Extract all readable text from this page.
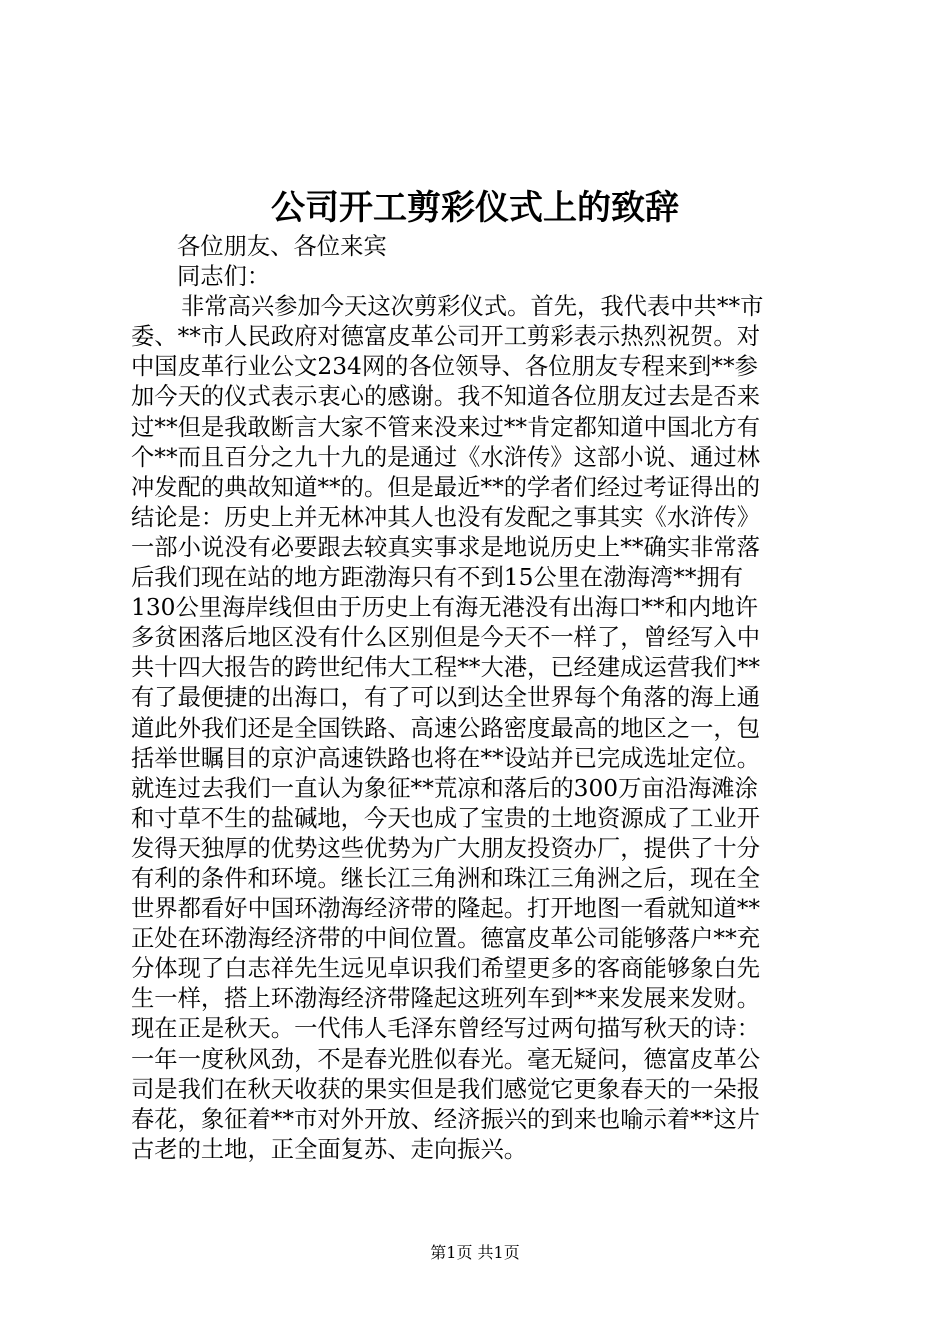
公司开工剪彩仪式上的致辞

各位朋友、各位来宾

同志们：

非常高兴参加今天这次剪彩仪式。首先，我代表中共**市

委、**市人民政府对德富皮革公司开工剪彩表示热烈祝贺。对

中国皮革行业公文234网的各位领导、各位朋友专程来到**参

加今天的仪式表示衷心的感谢。我不知道各位朋友过去是否来

过**但是我敢断言大家不管来没来过**肯定都知道中国北方有

个**而且百分之九十九的是通过《水浒传》这部小说、通过林

冲发配的典故知道**的。但是最近**的学者们经过考证得出的

结论是：历史上并无林冲其人也没有发配之事其实《水浒传》

一部小说没有必要跟去较真实事求是地说历史上**确实非常落

后我们现在站的地方距渤海只有不到15公里在渤海湾**拥有

130公里海岸线但由于历史上有海无港没有出海口**和内地许

多贫困落后地区没有什么区别但是今天不一样了，曾经写入中

共十四大报告的跨世纪伟大工程**大港，已经建成运营我们**

有了最便捷的出海口，有了可以到达全世界每个角落的海上通

道此外我们还是全国铁路、高速公路密度最高的地区之一，包

括举世瞩目的京沪高速铁路也将在**设站并已完成选址定位。

就连过去我们一直认为象征**荒凉和落后的300万亩沿海滩涂

和寸草不生的盐碱地，今天也成了宝贵的土地资源成了工业开

发得天独厚的优势这些优势为广大朋友投资办厂，提供了十分

有利的条件和环境。继长江三角洲和珠江三角洲之后，现在全

世界都看好中国环渤海经济带的隆起。打开地图一看就知道**

正处在环渤海经济带的中间位置。德富皮革公司能够落户**充

分体现了白志祥先生远见卓识我们希望更多的客商能够象白先

生一样，搭上环渤海经济带隆起这班列车到**来发展来发财。

现在正是秋天。一代伟人毛泽东曾经写过两句描写秋天的诗：

一年一度秋风劲，不是春光胜似春光。毫无疑问，德富皮革公

司是我们在秋天收获的果实但是我们感觉它更象春天的一朵报

春花，象征着**市对外开放、经济振兴的到来也喻示着**这片

古老的土地，正全面复苏、走向振兴。

第1页 共1页
